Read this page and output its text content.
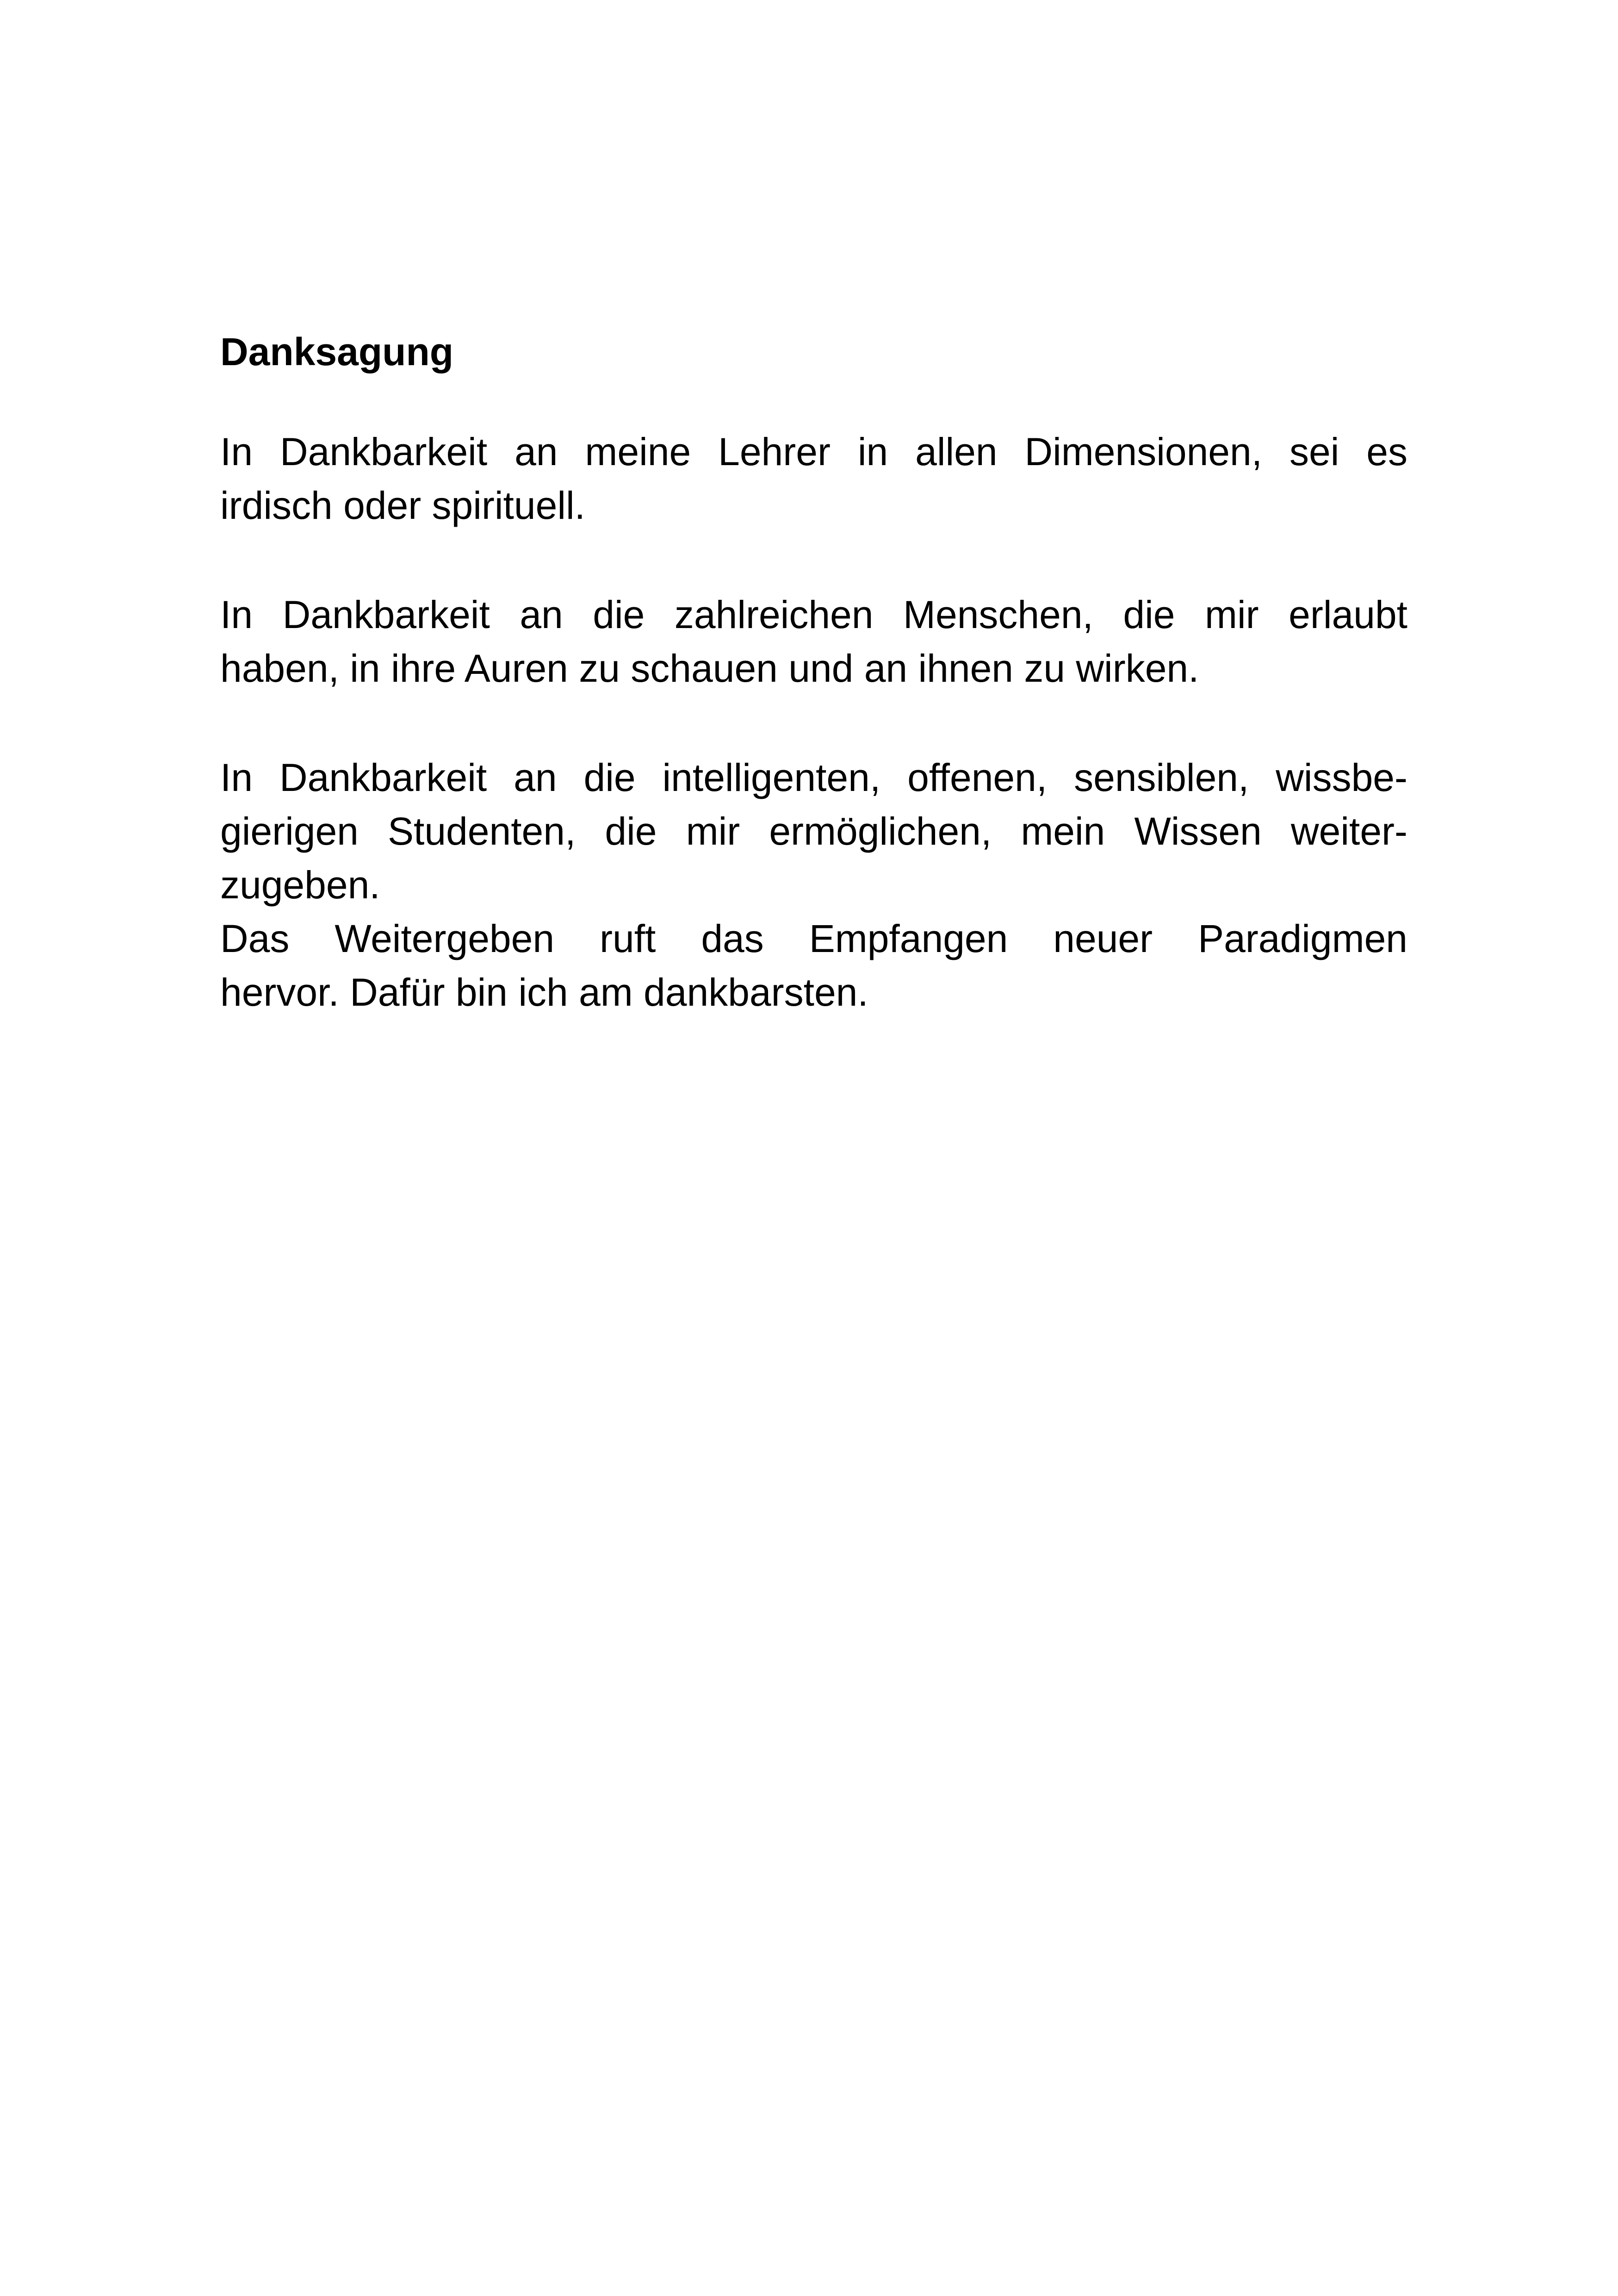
Danksagung

In Dankbarkeit an meine Lehrer in allen Dimensionen, sei es
irdisch oder spirituell.

In Dankbarkeit an die zahlreichen Menschen, die mir erlaubt
haben, in ihre Auren zu schauen und an ihnen zu wirken.

In Dankbarkeit an die intelligenten, offenen, sensiblen, wissbe-
gierigen Studenten, die mir ermöglichen, mein Wissen weiter-
zugeben.

Das Weitergeben ruft das Empfangen neuer Paradigmen
hervor. Dafür bin ich am dankbarsten.
